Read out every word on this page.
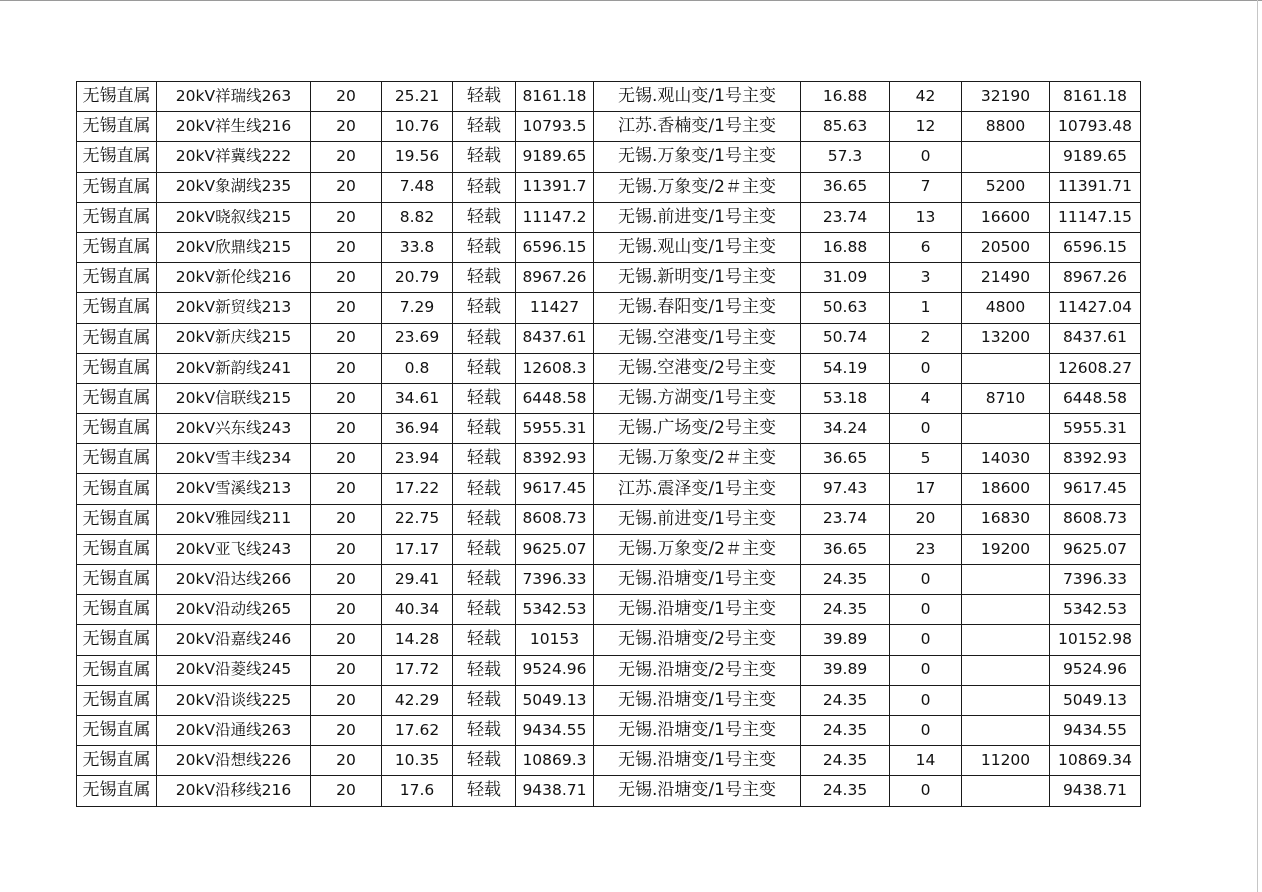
无锡直属	20kV祥瑞线263	20	25.21	轻载	8161.18	无锡.观山变/1号主变	16.88	42	32190	8161.18
无锡直属	20kV祥生线216	20	10.76	轻载	10793.5	江苏.香楠变/1号主变	85.63	12	8800	10793.48
无锡直属	20kV祥冀线222	20	19.56	轻载	9189.65	无锡.万象变/1号主变	57.3	0		9189.65
无锡直属	20kV象湖线235	20	7.48	轻载	11391.7	无锡.万象变/2＃主变	36.65	7	5200	11391.71
无锡直属	20kV晓叙线215	20	8.82	轻载	11147.2	无锡.前进变/1号主变	23.74	13	16600	11147.15
无锡直属	20kV欣鼎线215	20	33.8	轻载	6596.15	无锡.观山变/1号主变	16.88	6	20500	6596.15
无锡直属	20kV新伦线216	20	20.79	轻载	8967.26	无锡.新明变/1号主变	31.09	3	21490	8967.26
无锡直属	20kV新贸线213	20	7.29	轻载	11427	无锡.春阳变/1号主变	50.63	1	4800	11427.04
无锡直属	20kV新庆线215	20	23.69	轻载	8437.61	无锡.空港变/1号主变	50.74	2	13200	8437.61
无锡直属	20kV新韵线241	20	0.8	轻载	12608.3	无锡.空港变/2号主变	54.19	0		12608.27
无锡直属	20kV信联线215	20	34.61	轻载	6448.58	无锡.方湖变/1号主变	53.18	4	8710	6448.58
无锡直属	20kV兴东线243	20	36.94	轻载	5955.31	无锡.广场变/2号主变	34.24	0		5955.31
无锡直属	20kV雪丰线234	20	23.94	轻载	8392.93	无锡.万象变/2＃主变	36.65	5	14030	8392.93
无锡直属	20kV雪溪线213	20	17.22	轻载	9617.45	江苏.震泽变/1号主变	97.43	17	18600	9617.45
无锡直属	20kV雅园线211	20	22.75	轻载	8608.73	无锡.前进变/1号主变	23.74	20	16830	8608.73
无锡直属	20kV亚飞线243	20	17.17	轻载	9625.07	无锡.万象变/2＃主变	36.65	23	19200	9625.07
无锡直属	20kV沿达线266	20	29.41	轻载	7396.33	无锡.沿塘变/1号主变	24.35	0		7396.33
无锡直属	20kV沿动线265	20	40.34	轻载	5342.53	无锡.沿塘变/1号主变	24.35	0		5342.53
无锡直属	20kV沿嘉线246	20	14.28	轻载	10153	无锡.沿塘变/2号主变	39.89	0		10152.98
无锡直属	20kV沿菱线245	20	17.72	轻载	9524.96	无锡.沿塘变/2号主变	39.89	0		9524.96
无锡直属	20kV沿谈线225	20	42.29	轻载	5049.13	无锡.沿塘变/1号主变	24.35	0		5049.13
无锡直属	20kV沿通线263	20	17.62	轻载	9434.55	无锡.沿塘变/1号主变	24.35	0		9434.55
无锡直属	20kV沿想线226	20	10.35	轻载	10869.3	无锡.沿塘变/1号主变	24.35	14	11200	10869.34
无锡直属	20kV沿移线216	20	17.6	轻载	9438.71	无锡.沿塘变/1号主变	24.35	0		9438.71
